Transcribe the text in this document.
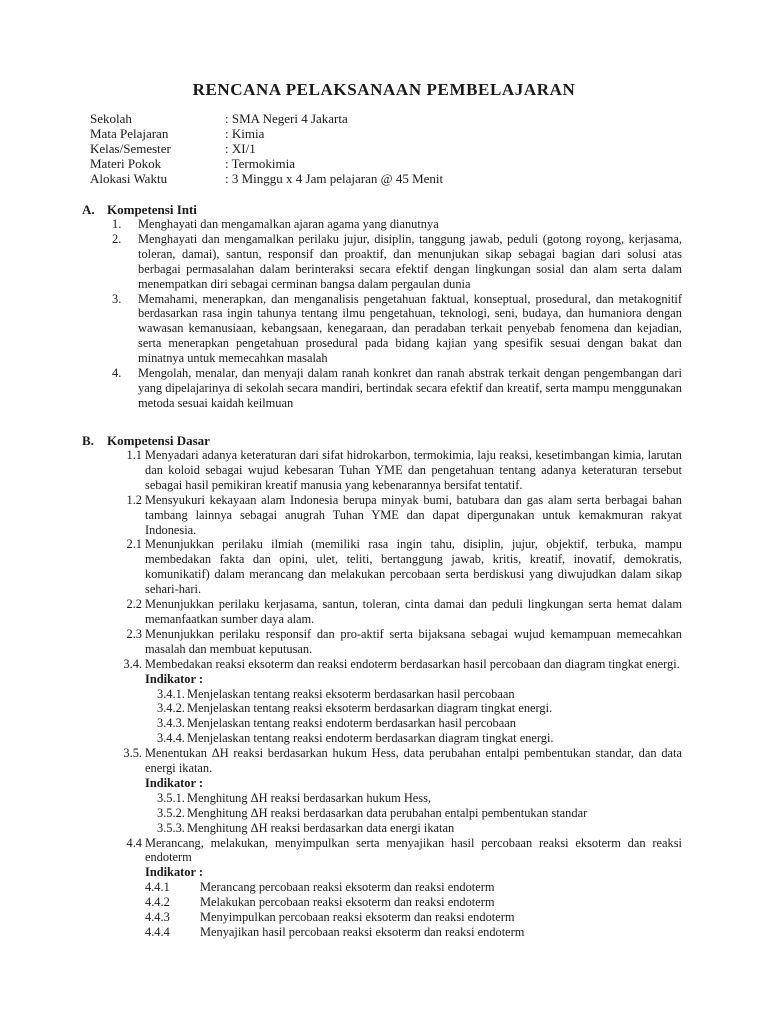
RENCANA PELAKSANAAN PEMBELAJARAN
Sekolah	: SMA Negeri 4 Jakarta
Mata Pelajaran	: Kimia
Kelas/Semester	: XI/1
Materi Pokok	: Termokimia
Alokasi Waktu	: 3 Minggu x 4 Jam pelajaran @ 45 Menit
A. Kompetensi Inti
1. Menghayati dan mengamalkan ajaran agama yang dianutnya
2. Menghayati dan mengamalkan perilaku jujur, disiplin, tanggung jawab, peduli (gotong royong, kerjasama, toleran, damai), santun, responsif dan proaktif, dan menunjukan sikap sebagai bagian dari solusi atas berbagai permasalahan dalam berinteraksi secara efektif dengan lingkungan sosial dan alam serta dalam menempatkan diri sebagai cerminan bangsa dalam pergaulan dunia
3. Memahami, menerapkan, dan menganalisis pengetahuan faktual, konseptual, prosedural, dan metakognitif berdasarkan rasa ingin tahunya tentang ilmu pengetahuan, teknologi, seni, budaya, dan humaniora dengan wawasan kemanusiaan, kebangsaan, kenegaraan, dan peradaban terkait penyebab fenomena dan kejadian, serta menerapkan pengetahuan prosedural pada bidang kajian yang spesifik sesuai dengan bakat dan minatnya untuk memecahkan masalah
4. Mengolah, menalar, dan menyaji dalam ranah konkret dan ranah abstrak terkait dengan pengembangan dari yang dipelajarinya di sekolah secara mandiri, bertindak secara efektif dan kreatif, serta mampu menggunakan metoda sesuai kaidah keilmuan
B. Kompetensi Dasar
1.1 Menyadari adanya keteraturan dari sifat hidrokarbon, termokimia, laju reaksi, kesetimbangan kimia, larutan dan koloid sebagai wujud kebesaran Tuhan YME dan pengetahuan tentang adanya keteraturan tersebut sebagai hasil pemikiran kreatif manusia yang kebenarannya bersifat tentatif.
1.2 Mensyukuri kekayaan alam Indonesia berupa minyak bumi, batubara dan gas alam serta berbagai bahan tambang lainnya sebagai anugrah Tuhan YME dan dapat dipergunakan untuk kemakmuran rakyat Indonesia.
2.1 Menunjukkan perilaku ilmiah (memiliki rasa ingin tahu, disiplin, jujur, objektif, terbuka, mampu membedakan fakta dan opini, ulet, teliti, bertanggung jawab, kritis, kreatif, inovatif, demokratis, komunikatif) dalam merancang dan melakukan percobaan serta berdiskusi yang diwujudkan dalam sikap sehari-hari.
2.2 Menunjukkan perilaku kerjasama, santun, toleran, cinta damai dan peduli lingkungan serta hemat dalam memanfaatkan sumber daya alam.
2.3 Menunjukkan perilaku responsif dan pro-aktif serta bijaksana sebagai wujud kemampuan memecahkan masalah dan membuat keputusan.
3.4. Membedakan reaksi eksoterm dan reaksi endoterm berdasarkan hasil percobaan dan diagram tingkat energi.
Indikator :
3.4.1. Menjelaskan tentang reaksi eksoterm berdasarkan hasil percobaan
3.4.2. Menjelaskan tentang reaksi eksoterm berdasarkan diagram tingkat energi.
3.4.3. Menjelaskan tentang reaksi endoterm berdasarkan hasil percobaan
3.4.4. Menjelaskan tentang reaksi endoterm berdasarkan diagram tingkat energi.
3.5. Menentukan ΔH reaksi berdasarkan hukum Hess, data perubahan entalpi pembentukan standar, dan data energi ikatan.
Indikator :
3.5.1. Menghitung ΔH reaksi berdasarkan hukum Hess,
3.5.2. Menghitung ΔH reaksi berdasarkan data perubahan entalpi pembentukan standar
3.5.3. Menghitung ΔH reaksi berdasarkan data energi ikatan
4.4 Merancang, melakukan, menyimpulkan serta menyajikan hasil percobaan reaksi eksoterm dan reaksi endoterm
Indikator :
4.4.1 Merancang percobaan reaksi eksoterm dan reaksi endoterm
4.4.2 Melakukan percobaan reaksi eksoterm dan reaksi endoterm
4.4.3 Menyimpulkan percobaan reaksi eksoterm dan reaksi endoterm
4.4.4 Menyajikan hasil percobaan reaksi eksoterm dan reaksi endoterm
